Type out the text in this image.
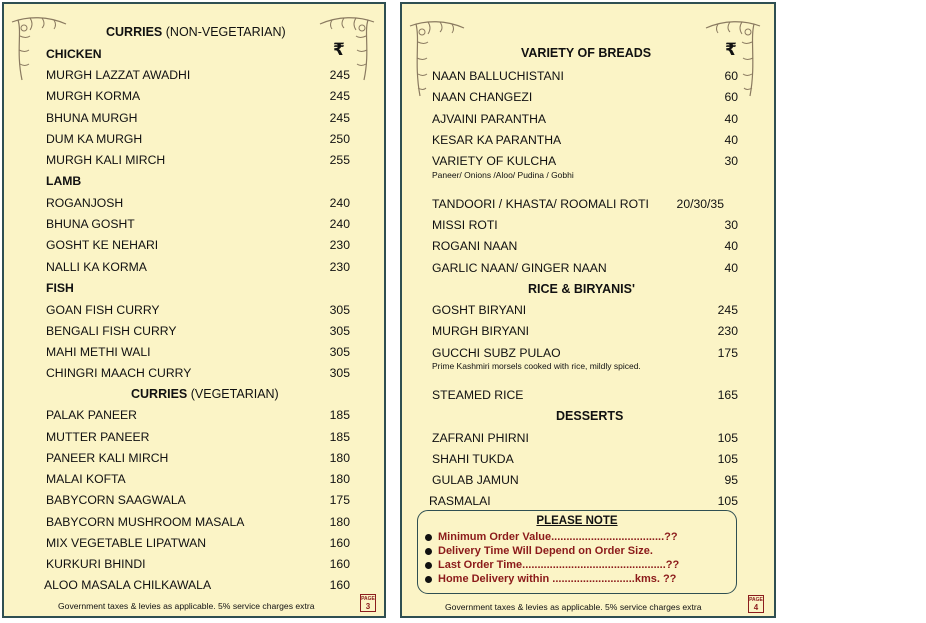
CURRIES (NON-VEGETARIAN)
₹
CHICKEN
MURGH LAZZAT AWADHI	245
MURGH KORMA	245
BHUNA MURGH	245
DUM KA MURGH	250
MURGH KALI MIRCH	255
LAMB
ROGANJOSH	240
BHUNA GOSHT	240
GOSHT KE NEHARI	230
NALLI KA KORMA	230
FISH
GOAN FISH CURRY	305
BENGALI FISH CURRY	305
MAHI METHI WALI	305
CHINGRI MAACH CURRY	305
CURRIES (VEGETARIAN)
PALAK PANEER	185
MUTTER PANEER	185
PANEER KALI MIRCH	180
MALAI KOFTA	180
BABYCORN SAAGWALA	175
BABYCORN MUSHROOM MASALA	180
MIX VEGETABLE LIPATWAN	160
KURKURI BHINDI	160
ALOO MASALA CHILKAWALA	160
Government taxes & levies as applicable. 5% service charges extra
PAGE
3
VARIETY OF BREADS	₹
NAAN BALLUCHISTANI	60
NAAN CHANGEZI	60
AJVAINI PARANTHA	40
KESAR KA PARANTHA	40
VARIETY OF KULCHA	30
Paneer/ Onions /Aloo/ Pudina / Gobhi
TANDOORI / KHASTA/ ROOMALI ROTI	20/30/35
MISSI ROTI	30
ROGANI NAAN	40
GARLIC NAAN/ GINGER NAAN	40
RICE & BIRYANIS'
GOSHT BIRYANI	245
MURGH BIRYANI	230
GUCCHI SUBZ PULAO	175
Prime Kashmiri morsels cooked with rice, mildly spiced.
STEAMED RICE	165
DESSERTS
ZAFRANI PHIRNI	105
SHAHI TUKDA	105
GULAB JAMUN	95
RASMALAI	105
PLEASE NOTE
Minimum Order Value.....................................??
Delivery Time Will Depend on Order Size.
Last Order Time...............................................??
Home Delivery within ...........................kms. ??
Government taxes & levies as applicable. 5% service charges extra
PAGE
4
